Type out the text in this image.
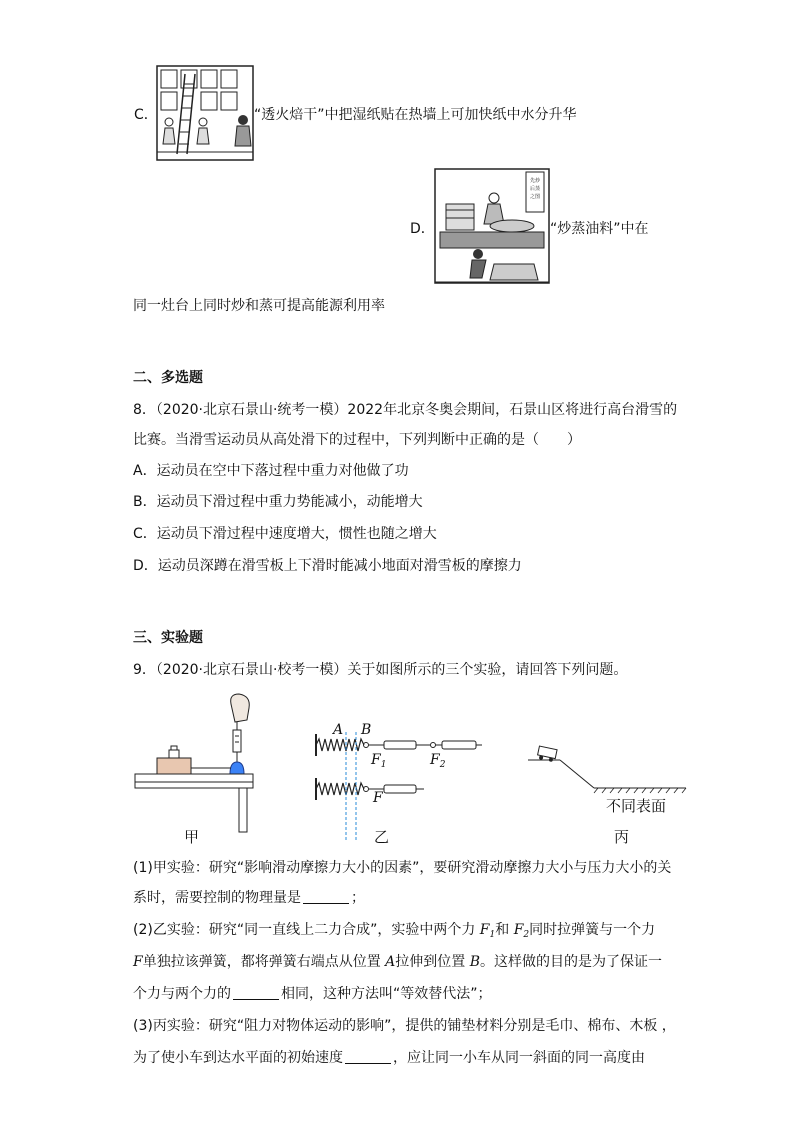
C．	“透火焙干”中把湿纸贴在热墙上可加快纸中水分升华
先炒
后蒸
之图
D．	“炒蒸油料”中在
同一灶台上同时炒和蒸可提高能源利用率
二、多选题
8．（2020·北京石景山·统考一模）2022年北京冬奥会期间，石景山区将进行高台滑雪的
比赛。当滑雪运动员从高处滑下的过程中，下列判断中正确的是（　　）
A．运动员在空中下落过程中重力对他做了功
B．运动员下滑过程中重力势能减小，动能增大
C．运动员下滑过程中速度增大，惯性也随之增大
D．运动员深蹲在滑雪板上下滑时能减小地面对滑雪板的摩擦力
三、实验题
9．（2020·北京石景山·校考一模）关于如图所示的三个实验，请回答下列问题。
甲
A B
$F_1$	$F_2$
F
乙
不同表面
丙
(1)甲实验：研究“影响滑动摩擦力大小的因素”，要研究滑动摩擦力大小与压力大小的关
系时，需要控制的物理量是	；
(2)乙实验：研究“同一直线上二力合成”，实验中两个力 $F_1$和 $F_2$同时拉弹簧与一个力
F单独拉该弹簧，都将弹簧右端点从位置 A拉伸到位置 B。这样做的目的是为了保证一
个力与两个力的	相同，这种方法叫“等效替代法”；
(3)丙实验：研究“阻力对物体运动的影响”，提供的铺垫材料分别是毛巾、棉布、木板 ，
为了使小车到达水平面的初始速度	，应让同一小车从同一斜面的同一高度由
